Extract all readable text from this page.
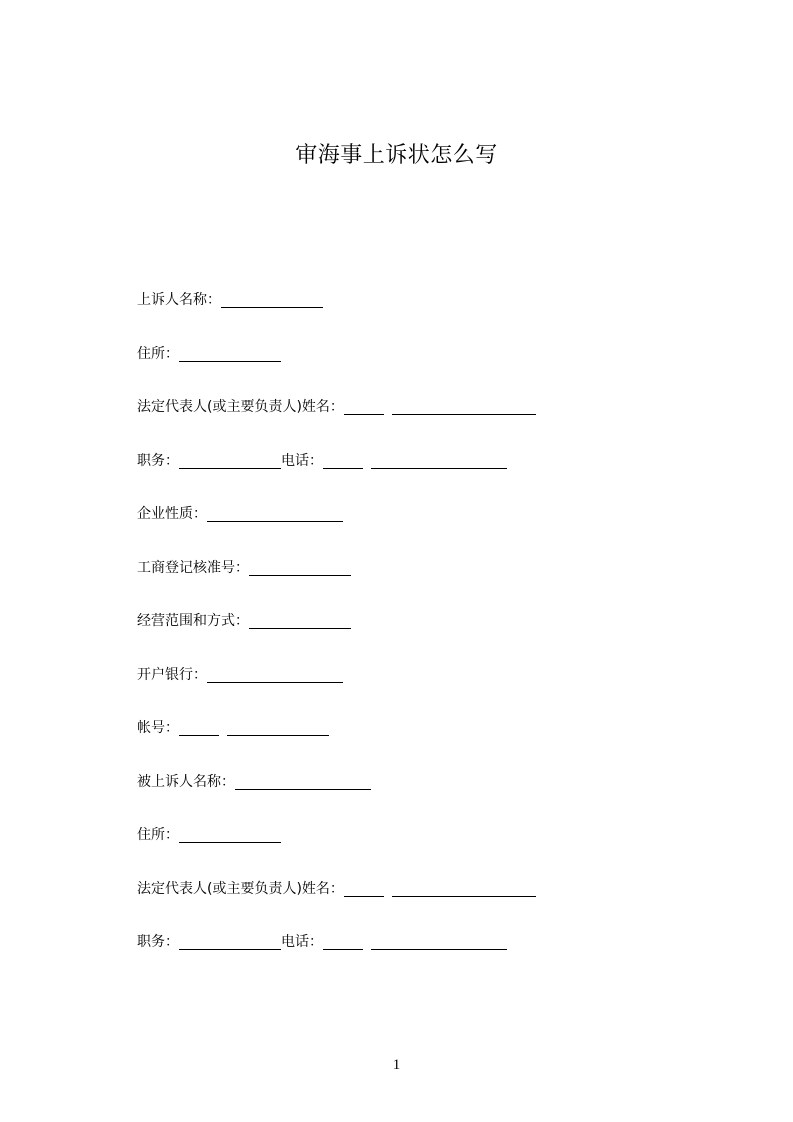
审海事上诉状怎么写
上诉人名称：
住所：
法定代表人(或主要负责人)姓名：
职务：	电话：
企业性质：
工商登记核准号：
经营范围和方式：
开户银行：
帐号：
被上诉人名称：
住所：
法定代表人(或主要负责人)姓名：
职务：	电话：
1
